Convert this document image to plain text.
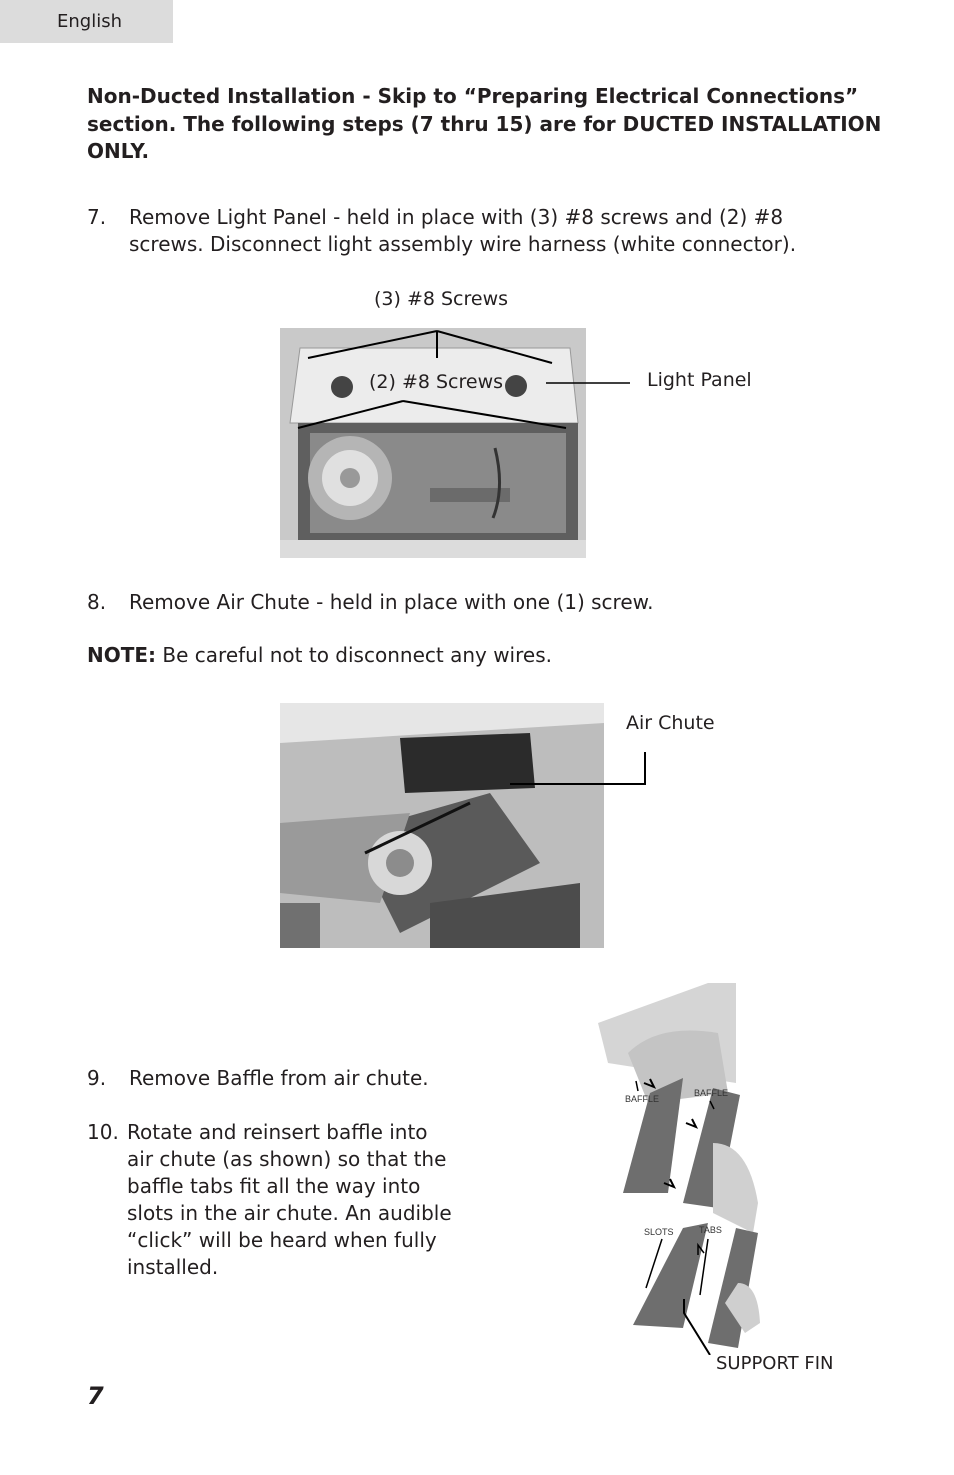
English
Non-Ducted Installation - Skip to “Preparing Electrical Connections” section. The following steps (7 thru 15) are for DUCTED INSTALLATION ONLY.
7. Remove Light Panel - held in place with (3) #8 screws and (2) #8 screws. Disconnect light assembly wire harness (white connector).
(3) #8 Screws
(2) #8 Screws	Light Panel
8. Remove Air Chute - held in place with one (1) screw.
NOTE: Be careful not to disconnect any wires.
Air Chute
9. Remove Baffle from air chute.
10. Rotate and reinsert baffle into air chute (as shown) so that the baffle tabs fit all the way into slots in the air chute. An audible “click” will be heard when fully installed.
BAFFLE
BAFFLE
SLOTS	TABS
SUPPORT FIN
7
